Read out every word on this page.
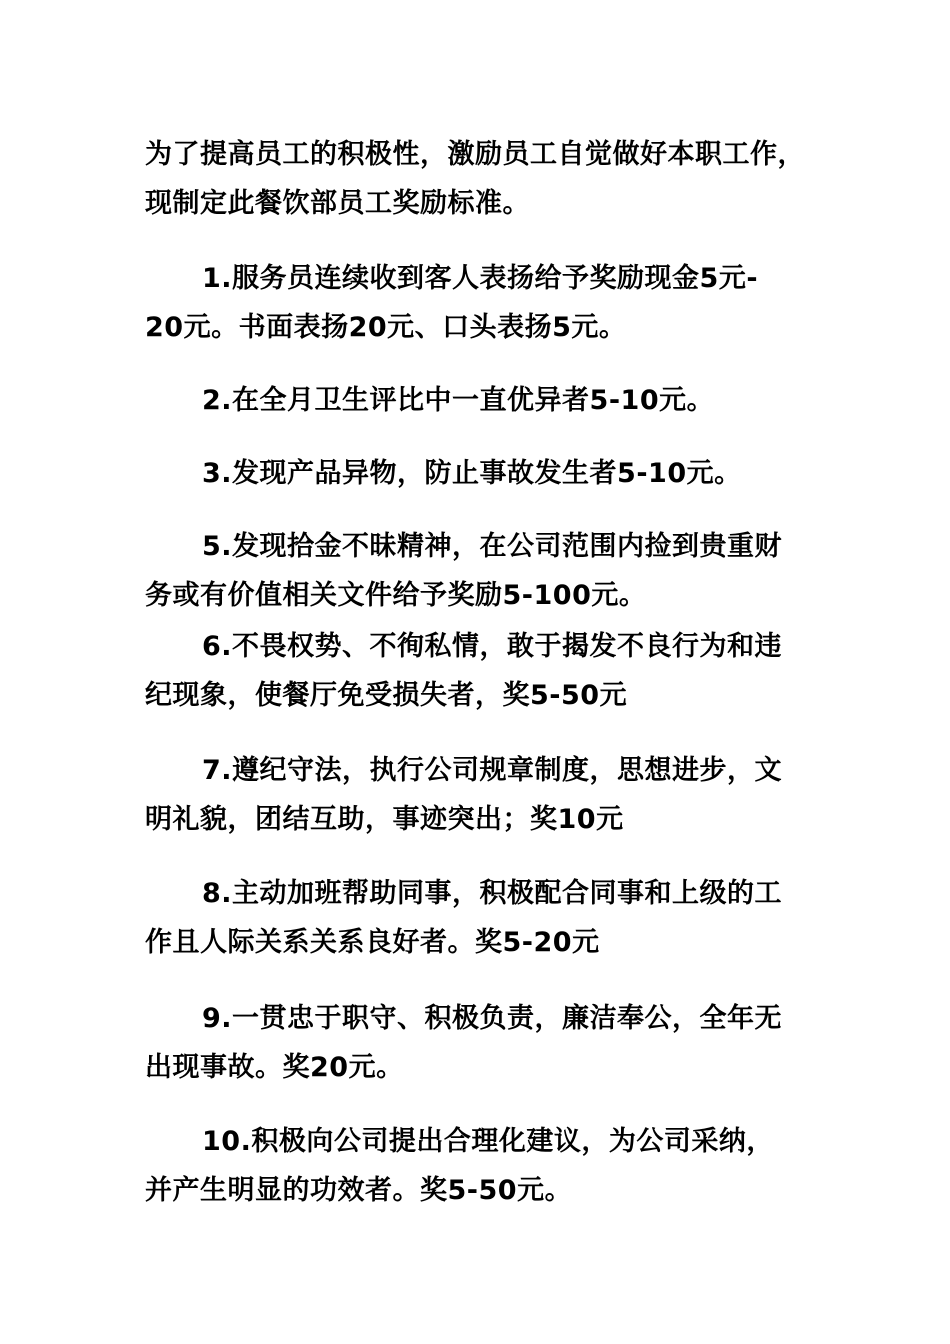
为了提高员工的积极性，激励员工自觉做好本职工作，
现制定此餐饮部员工奖励标准。
1.服务员连续收到客人表扬给予奖励现金5元-
20元。书面表扬20元、口头表扬5元。
2.在全月卫生评比中一直优异者5-10元。
3.发现产品异物，防止事故发生者5-10元。
5.发现拾金不昧精神，在公司范围内捡到贵重财
务或有价值相关文件给予奖励5-100元。
6.不畏权势、不徇私情，敢于揭发不良行为和违
纪现象，使餐厅免受损失者，奖5-50元
7.遵纪守法，执行公司规章制度，思想进步，文
明礼貌，团结互助，事迹突出；奖10元
8.主动加班帮助同事，积极配合同事和上级的工
作且人际关系关系良好者。奖5-20元
9.一贯忠于职守、积极负责，廉洁奉公，全年无
出现事故。奖20元。
10.积极向公司提出合理化建议，为公司采纳，
并产生明显的功效者。奖5-50元。
